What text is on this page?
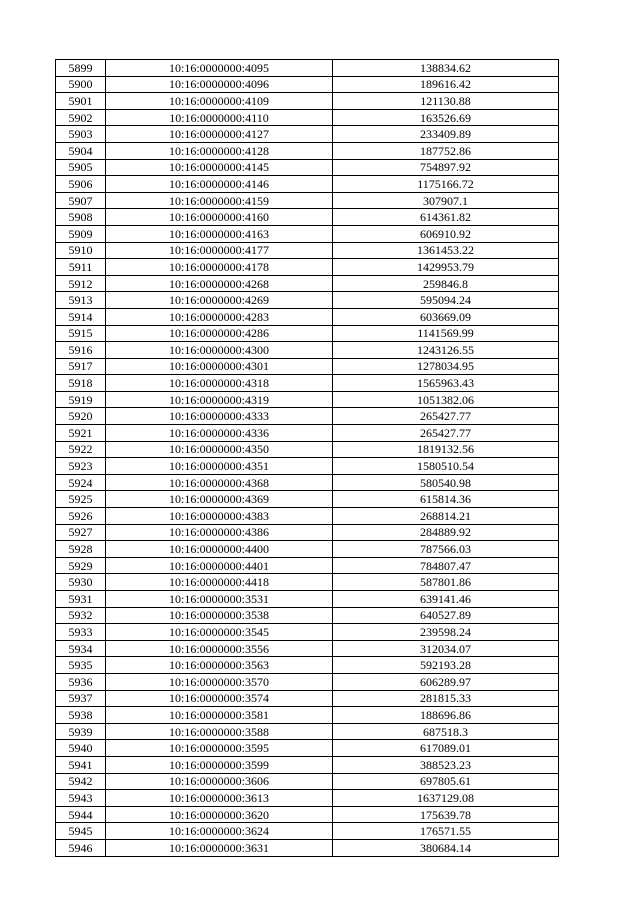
5899	10:16:0000000:4095	138834.62
5900	10:16:0000000:4096	189616.42
5901	10:16:0000000:4109	121130.88
5902	10:16:0000000:4110	163526.69
5903	10:16:0000000:4127	233409.89
5904	10:16:0000000:4128	187752.86
5905	10:16:0000000:4145	754897.92
5906	10:16:0000000:4146	1175166.72
5907	10:16:0000000:4159	307907.1
5908	10:16:0000000:4160	614361.82
5909	10:16:0000000:4163	606910.92
5910	10:16:0000000:4177	1361453.22
5911	10:16:0000000:4178	1429953.79
5912	10:16:0000000:4268	259846.8
5913	10:16:0000000:4269	595094.24
5914	10:16:0000000:4283	603669.09
5915	10:16:0000000:4286	1141569.99
5916	10:16:0000000:4300	1243126.55
5917	10:16:0000000:4301	1278034.95
5918	10:16:0000000:4318	1565963.43
5919	10:16:0000000:4319	1051382.06
5920	10:16:0000000:4333	265427.77
5921	10:16:0000000:4336	265427.77
5922	10:16:0000000:4350	1819132.56
5923	10:16:0000000:4351	1580510.54
5924	10:16:0000000:4368	580540.98
5925	10:16:0000000:4369	615814.36
5926	10:16:0000000:4383	268814.21
5927	10:16:0000000:4386	284889.92
5928	10:16:0000000:4400	787566.03
5929	10:16:0000000:4401	784807.47
5930	10:16:0000000:4418	587801.86
5931	10:16:0000000:3531	639141.46
5932	10:16:0000000:3538	640527.89
5933	10:16:0000000:3545	239598.24
5934	10:16:0000000:3556	312034.07
5935	10:16:0000000:3563	592193.28
5936	10:16:0000000:3570	606289.97
5937	10:16:0000000:3574	281815.33
5938	10:16:0000000:3581	188696.86
5939	10:16:0000000:3588	687518.3
5940	10:16:0000000:3595	617089.01
5941	10:16:0000000:3599	388523.23
5942	10:16:0000000:3606	697805.61
5943	10:16:0000000:3613	1637129.08
5944	10:16:0000000:3620	175639.78
5945	10:16:0000000:3624	176571.55
5946	10:16:0000000:3631	380684.14
